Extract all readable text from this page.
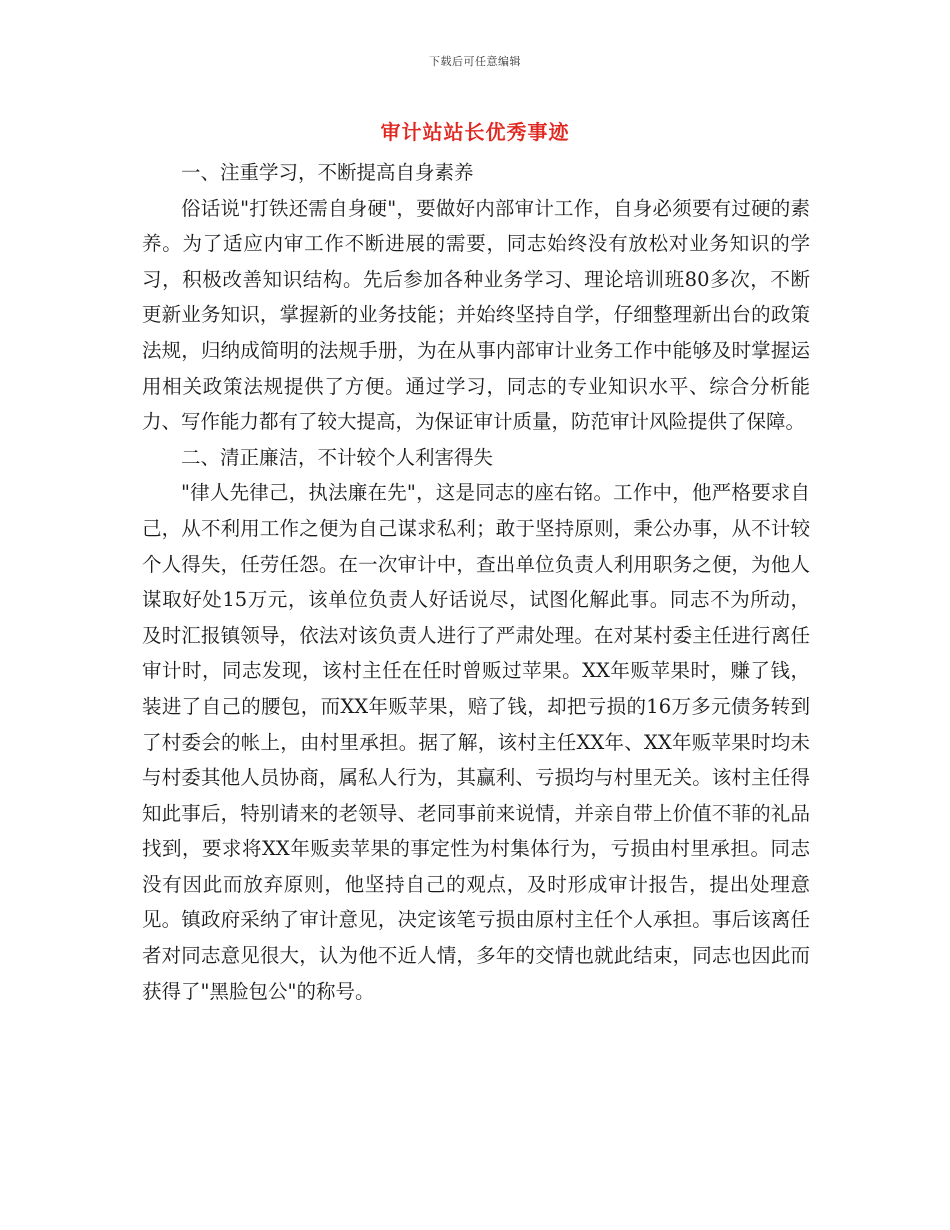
下载后可任意编辑
审计站站长优秀事迹

一、注重学习，不断提高自身素养

俗话说"打铁还需自身硬"，要做好内部审计工作，自身必须要有过硬的素养。为了适应内审工作不断进展的需要，同志始终没有放松对业务知识的学习，积极改善知识结构。先后参加各种业务学习、理论培训班80多次，不断更新业务知识，掌握新的业务技能；并始终坚持自学，仔细整理新出台的政策法规，归纳成简明的法规手册，为在从事内部审计业务工作中能够及时掌握运用相关政策法规提供了方便。通过学习，同志的专业知识水平、综合分析能力、写作能力都有了较大提高，为保证审计质量，防范审计风险提供了保障。

二、清正廉洁，不计较个人利害得失

"律人先律己，执法廉在先"，这是同志的座右铭。工作中，他严格要求自己，从不利用工作之便为自己谋求私利；敢于坚持原则，秉公办事，从不计较个人得失，任劳任怨。在一次审计中，查出单位负责人利用职务之便，为他人谋取好处15万元，该单位负责人好话说尽，试图化解此事。同志不为所动，及时汇报镇领导，依法对该负责人进行了严肃处理。在对某村委主任进行离任审计时，同志发现，该村主任在任时曾贩过苹果。XX年贩苹果时，赚了钱，装进了自己的腰包，而XX年贩苹果，赔了钱，却把亏损的16万多元债务转到了村委会的帐上，由村里承担。据了解，该村主任XX年、XX年贩苹果时均未与村委其他人员协商，属私人行为，其赢利、亏损均与村里无关。该村主任得知此事后，特别请来的老领导、老同事前来说情，并亲自带上价值不菲的礼品找到，要求将XX年贩卖苹果的事定性为村集体行为，亏损由村里承担。同志没有因此而放弃原则，他坚持自己的观点，及时形成审计报告，提出处理意见。镇政府采纳了审计意见，决定该笔亏损由原村主任个人承担。事后该离任者对同志意见很大，认为他不近人情，多年的交情也就此结束，同志也因此而获得了"黑脸包公"的称号。
